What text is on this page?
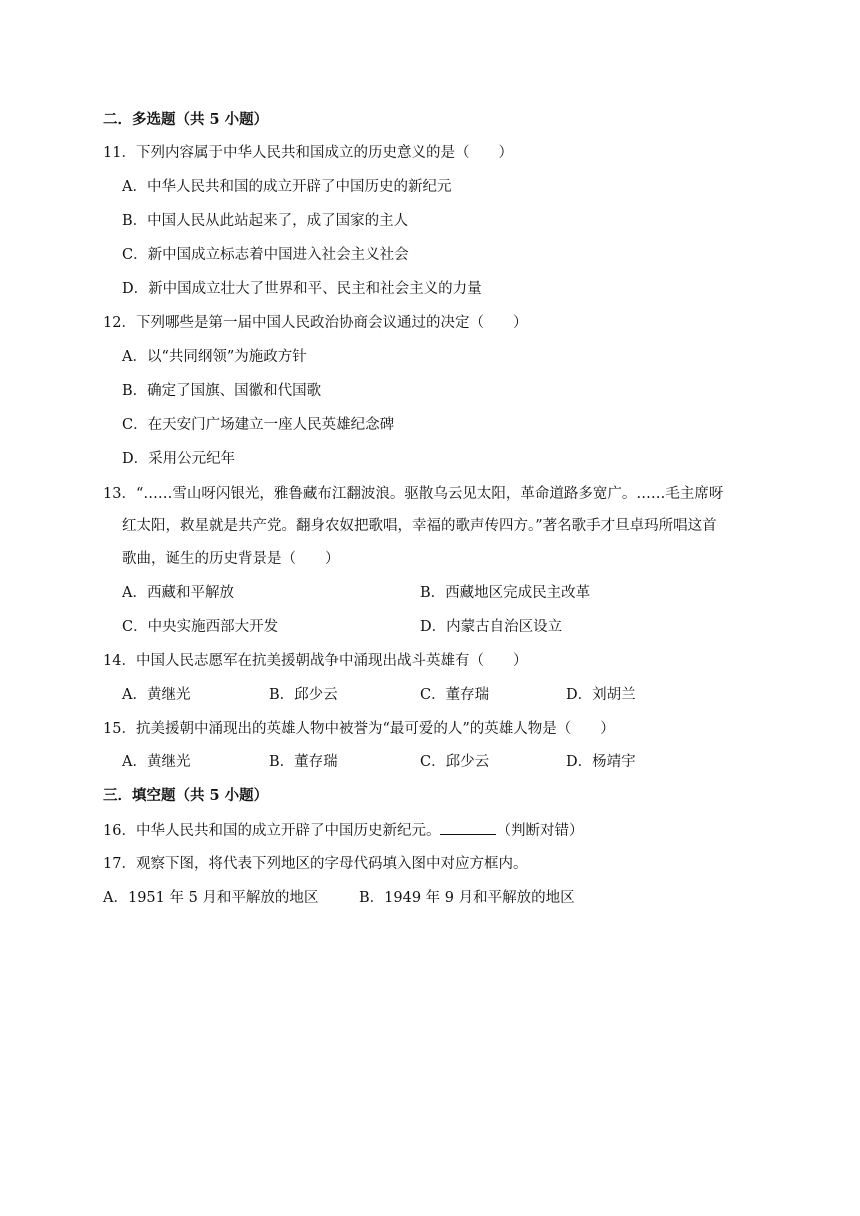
二．多选题（共 5 小题）
11．下列内容属于中华人民共和国成立的历史意义的是（　　）
A．中华人民共和国的成立开辟了中国历史的新纪元
B．中国人民从此站起来了，成了国家的主人
C．新中国成立标志着中国进入社会主义社会
D．新中国成立壮大了世界和平、民主和社会主义的力量
12．下列哪些是第一届中国人民政治协商会议通过的决定（　　）
A．以“共同纲领”为施政方针
B．确定了国旗、国徽和代国歌
C．在天安门广场建立一座人民英雄纪念碑
D．采用公元纪年
13．“……雪山呀闪银光，雅鲁藏布江翻波浪。驱散乌云见太阳，革命道路多宽广。……毛主席呀
红太阳，救星就是共产党。翻身农奴把歌唱，幸福的歌声传四方。”著名歌手才旦卓玛所唱这首
歌曲，诞生的历史背景是（　　）
A．西藏和平解放	B．西藏地区完成民主改革
C．中央实施西部大开发	D．内蒙古自治区设立
14．中国人民志愿军在抗美援朝战争中涌现出战斗英雄有（　　）
A．黄继光	B．邱少云	C．董存瑞	D．刘胡兰
15．抗美援朝中涌现出的英雄人物中被誉为“最可爱的人”的英雄人物是（　　）
A．黄继光	B．董存瑞	C．邱少云	D．杨靖宇
三．填空题（共 5 小题）
16．中华人民共和国的成立开辟了中国历史新纪元。	（判断对错）
17．观察下图，将代表下列地区的字母代码填入图中对应方框内。
A．1951 年 5 月和平解放的地区	B．1949 年 9 月和平解放的地区
